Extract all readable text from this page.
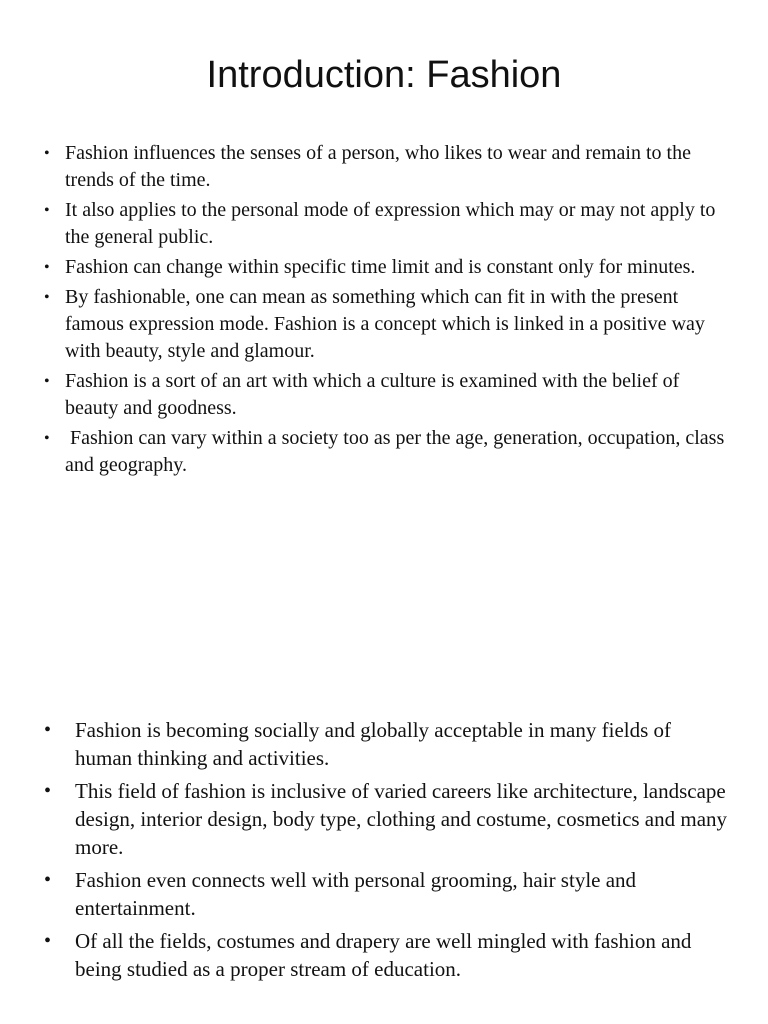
Introduction: Fashion
• Fashion influences the senses of a person, who likes to wear and remain to the trends of the time.
• It also applies to the personal mode of expression which may or may not apply to the general public.
• Fashion can change within specific time limit and is constant only for minutes.
• By fashionable, one can mean as something which can fit in with the present famous expression mode. Fashion is a concept which is linked in a positive way with beauty, style and glamour.
• Fashion is a sort of an art with which a culture is examined with the belief of beauty and goodness.
• Fashion can vary within a society too as per the age, generation, occupation, class and geography.
• Fashion is becoming socially and globally acceptable in many fields of human thinking and activities.
• This field of fashion is inclusive of varied careers like architecture, landscape design, interior design, body type, clothing and costume, cosmetics and many more.
• Fashion even connects well with personal grooming, hair style and entertainment.
• Of all the fields, costumes and drapery are well mingled with fashion and being studied as a proper stream of education.
